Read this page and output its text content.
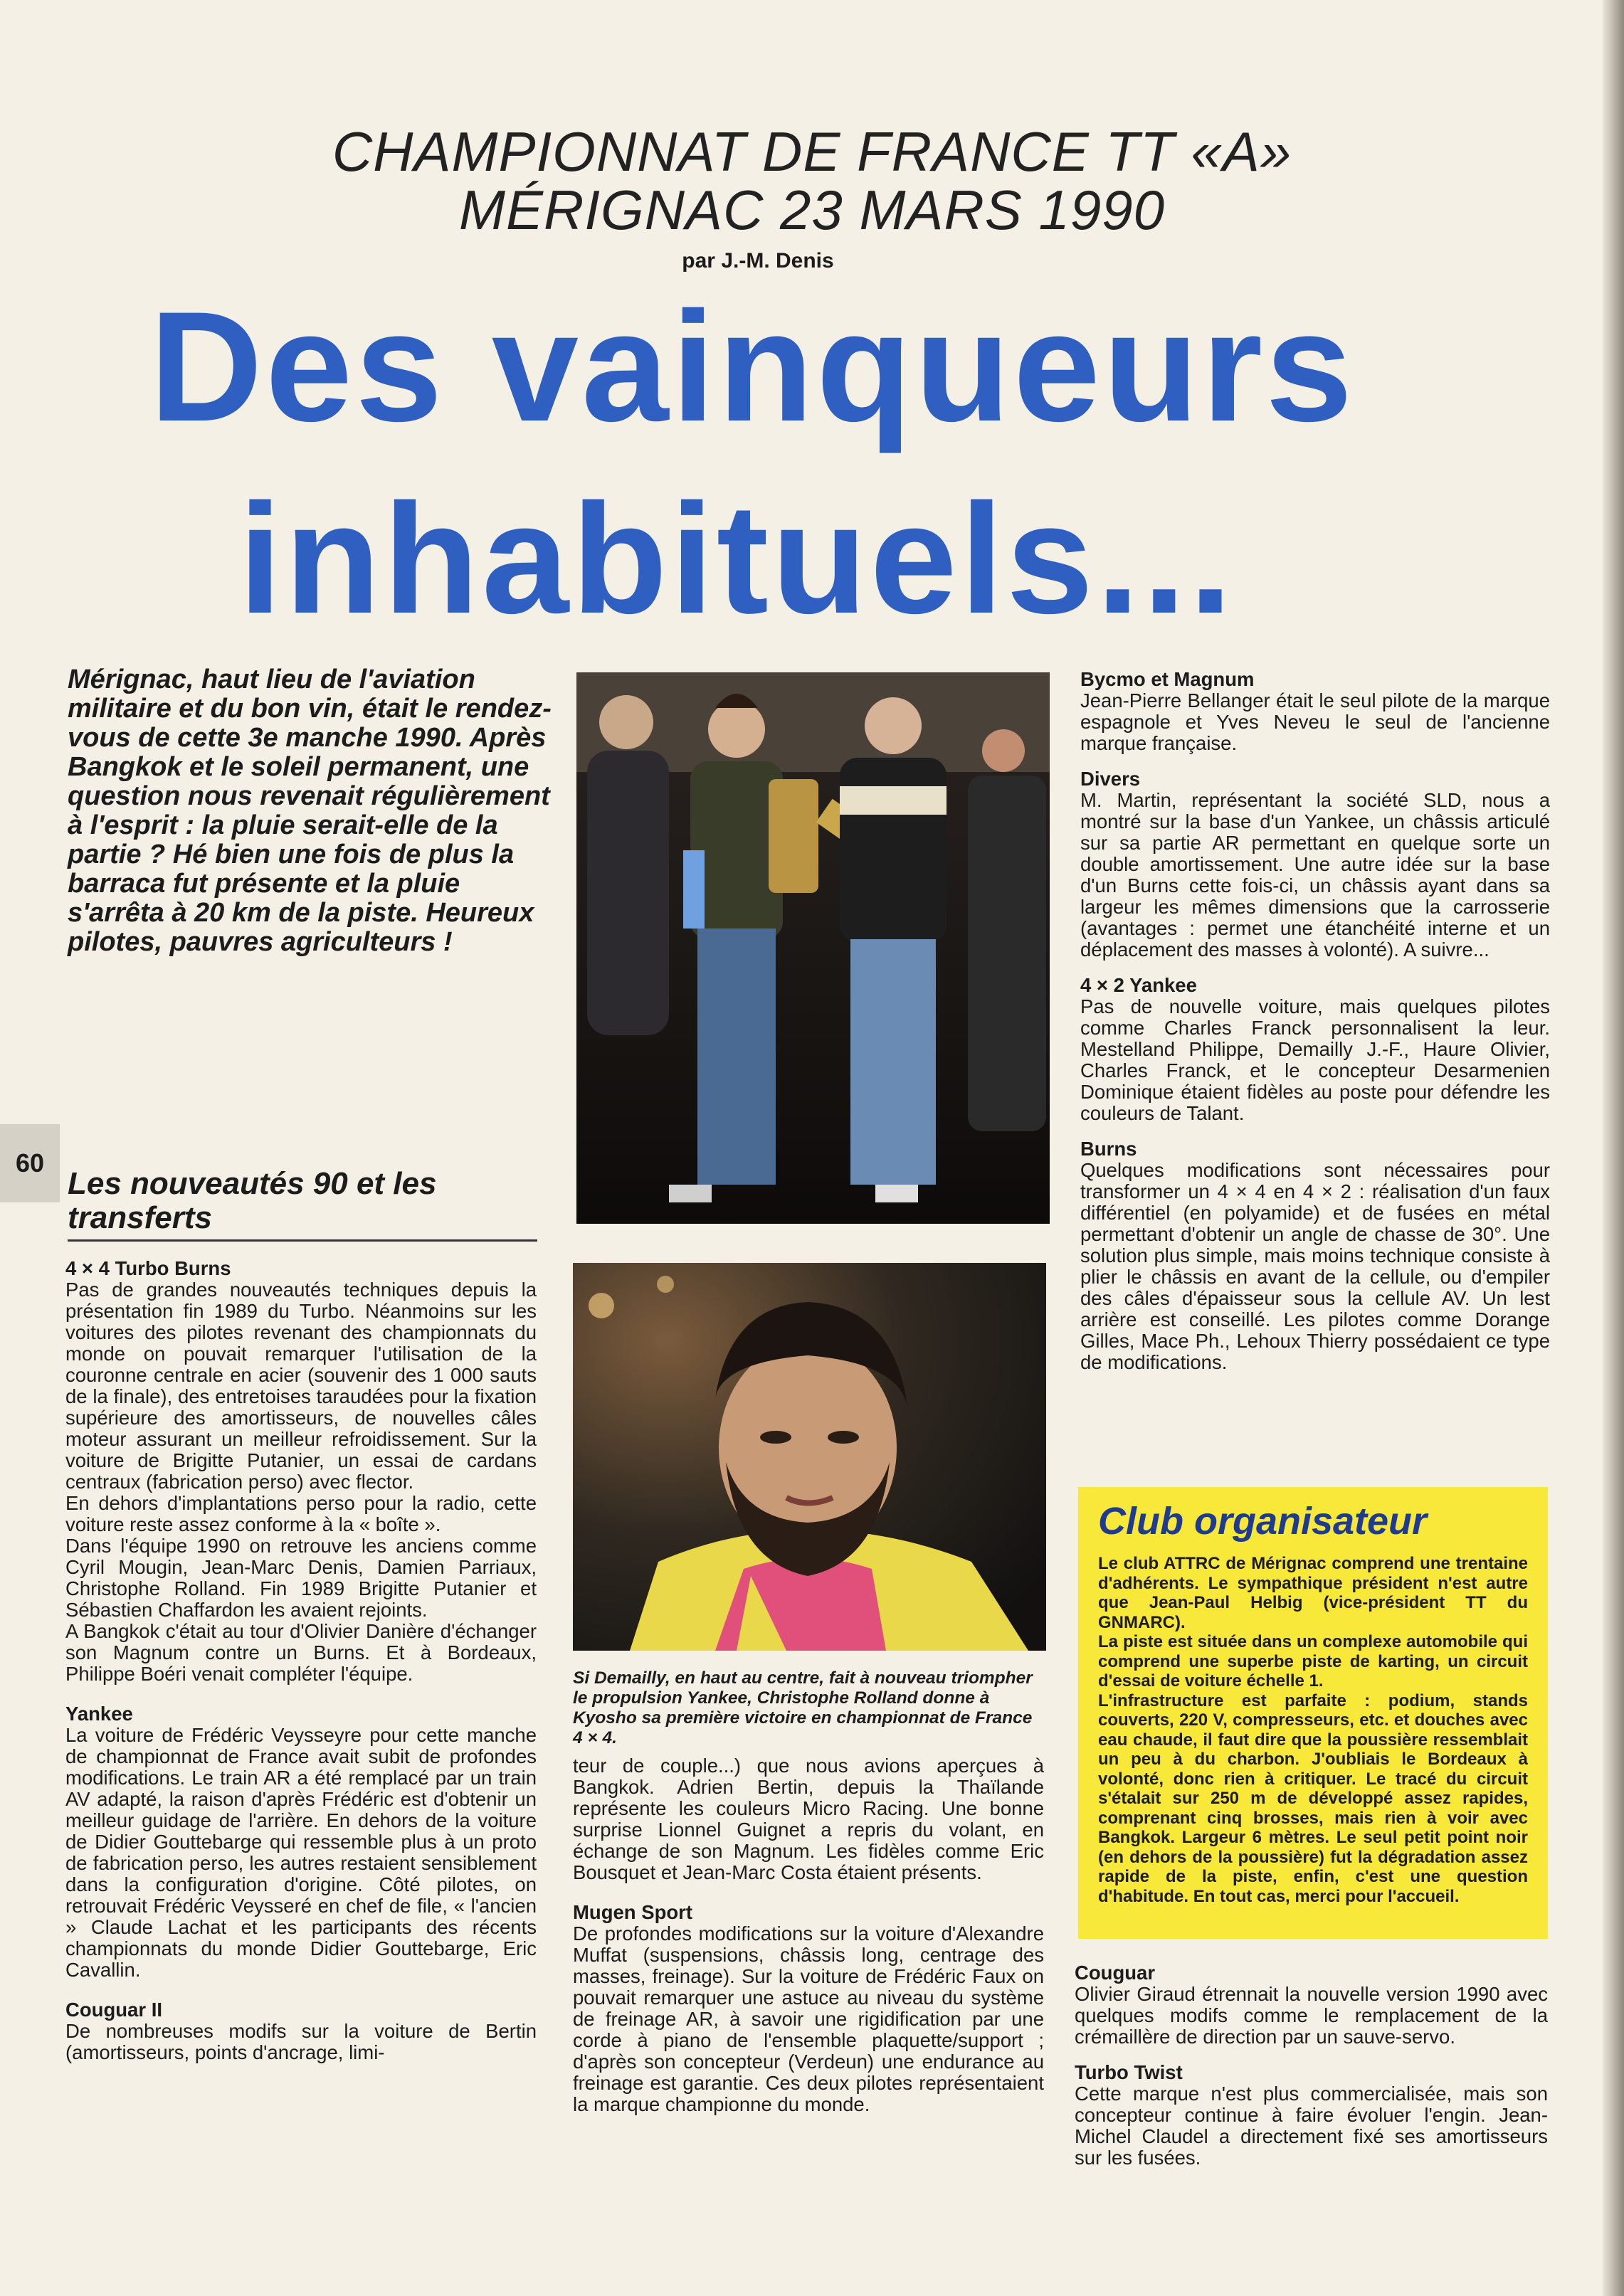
CHAMPIONNAT DE FRANCE TT «A»
MÉRIGNAC 23 MARS 1990
par J.-M. Denis
Des vainqueurs
inhabituels...
Mérignac, haut lieu de l'aviation militaire et du bon vin, était le rendez-vous de cette 3e manche 1990. Après Bangkok et le soleil permanent, une question nous revenait régulièrement à l'esprit : la pluie serait-elle de la partie ? Hé bien une fois de plus la barraca fut présente et la pluie s'arrêta à 20 km de la piste. Heureux pilotes, pauvres agriculteurs !
60
Les nouveautés 90 et les transferts
4 × 4 Turbo Burns

Pas de grandes nouveautés techniques depuis la présentation fin 1989 du Turbo. Néanmoins sur les voitures des pilotes revenant des championnats du monde on pouvait remarquer l'utilisation de la couronne centrale en acier (souvenir des 1 000 sauts de la finale), des entretoises taraudées pour la fixation supérieure des amortisseurs, de nouvelles câles moteur assurant un meilleur refroidissement. Sur la voiture de Brigitte Putanier, un essai de cardans centraux (fabrication perso) avec flector.

En dehors d'implantations perso pour la radio, cette voiture reste assez conforme à la « boîte ».

Dans l'équipe 1990 on retrouve les anciens comme Cyril Mougin, Jean-Marc Denis, Damien Parriaux, Christophe Rolland. Fin 1989 Brigitte Putanier et Sébastien Chaffardon les avaient rejoints.

A Bangkok c'était au tour d'Olivier Danière d'échanger son Magnum contre un Burns. Et à Bordeaux, Philippe Boéri venait compléter l'équipe.

Yankee

La voiture de Frédéric Veysseyre pour cette manche de championnat de France avait subit de profondes modifications. Le train AR a été remplacé par un train AV adapté, la raison d'après Frédéric est d'obtenir un meilleur guidage de l'arrière. En dehors de la voiture de Didier Gouttebarge qui ressemble plus à un proto de fabrication perso, les autres restaient sensiblement dans la configuration d'origine. Côté pilotes, on retrouvait Frédéric Veysseré en chef de file, « l'ancien » Claude Lachat et les participants des récents championnats du monde Didier Gouttebarge, Eric Cavallin.

Couguar II

De nombreuses modifs sur la voiture de Bertin (amortisseurs, points d'ancrage, limi-

Si Demailly, en haut au centre, fait à nouveau triompher le propulsion Yankee, Christophe Rolland donne à Kyosho sa première victoire en championnat de France 4 × 4.

teur de couple...) que nous avions aperçues à Bangkok. Adrien Bertin, depuis la Thaïlande représente les couleurs Micro Racing. Une bonne surprise Lionnel Guignet a repris du volant, en échange de son Magnum. Les fidèles comme Eric Bousquet et Jean-Marc Costa étaient présents.

Mugen Sport

De profondes modifications sur la voiture d'Alexandre Muffat (suspensions, châssis long, centrage des masses, freinage). Sur la voiture de Frédéric Faux on pouvait remarquer une astuce au niveau du système de freinage AR, à savoir une rigidification par une corde à piano de l'ensemble plaquette/support ; d'après son concepteur (Verdeun) une endurance au freinage est garantie. Ces deux pilotes représentaient la marque championne du monde.

Bycmo et Magnum

Jean-Pierre Bellanger était le seul pilote de la marque espagnole et Yves Neveu le seul de l'ancienne marque française.

Divers

M. Martin, représentant la société SLD, nous a montré sur la base d'un Yankee, un châssis articulé sur sa partie AR permettant en quelque sorte un double amortissement. Une autre idée sur la base d'un Burns cette fois-ci, un châssis ayant dans sa largeur les mêmes dimensions que la carrosserie (avantages : permet une étanchéité interne et un déplacement des masses à volonté). A suivre...

4 × 2 Yankee

Pas de nouvelle voiture, mais quelques pilotes comme Charles Franck personnalisent la leur. Mestelland Philippe, Demailly J.-F., Haure Olivier, Charles Franck, et le concepteur Desarmenien Dominique étaient fidèles au poste pour défendre les couleurs de Talant.

Burns

Quelques modifications sont nécessaires pour transformer un 4 × 4 en 4 × 2 : réalisation d'un faux différentiel (en polyamide) et de fusées en métal permettant d'obtenir un angle de chasse de 30°. Une solution plus simple, mais moins technique consiste à plier le châssis en avant de la cellule, ou d'empiler des câles d'épaisseur sous la cellule AV. Un lest arrière est conseillé. Les pilotes comme Dorange Gilles, Mace Ph., Lehoux Thierry possédaient ce type de modifications.

Club organisateur

Le club ATTRC de Mérignac comprend une trentaine d'adhérents. Le sympathique président n'est autre que Jean-Paul Helbig (vice-président TT du GNMARC).

La piste est située dans un complexe automobile qui comprend une superbe piste de karting, un circuit d'essai de voiture échelle 1.

L'infrastructure est parfaite : podium, stands couverts, 220 V, compresseurs, etc. et douches avec eau chaude, il faut dire que la poussière ressemblait un peu à du charbon. J'oubliais le Bordeaux à volonté, donc rien à critiquer. Le tracé du circuit s'étalait sur 250 m de développé assez rapides, comprenant cinq brosses, mais rien à voir avec Bangkok. Largeur 6 mètres. Le seul petit point noir (en dehors de la poussière) fut la dégradation assez rapide de la piste, enfin, c'est une question d'habitude. En tout cas, merci pour l'accueil.

Couguar

Olivier Giraud étrennait la nouvelle version 1990 avec quelques modifs comme le remplacement de la crémaillère de direction par un sauve-servo.

Turbo Twist

Cette marque n'est plus commercialisée, mais son concepteur continue à faire évoluer l'engin. Jean-Michel Claudel a directement fixé ses amortisseurs sur les fusées.
